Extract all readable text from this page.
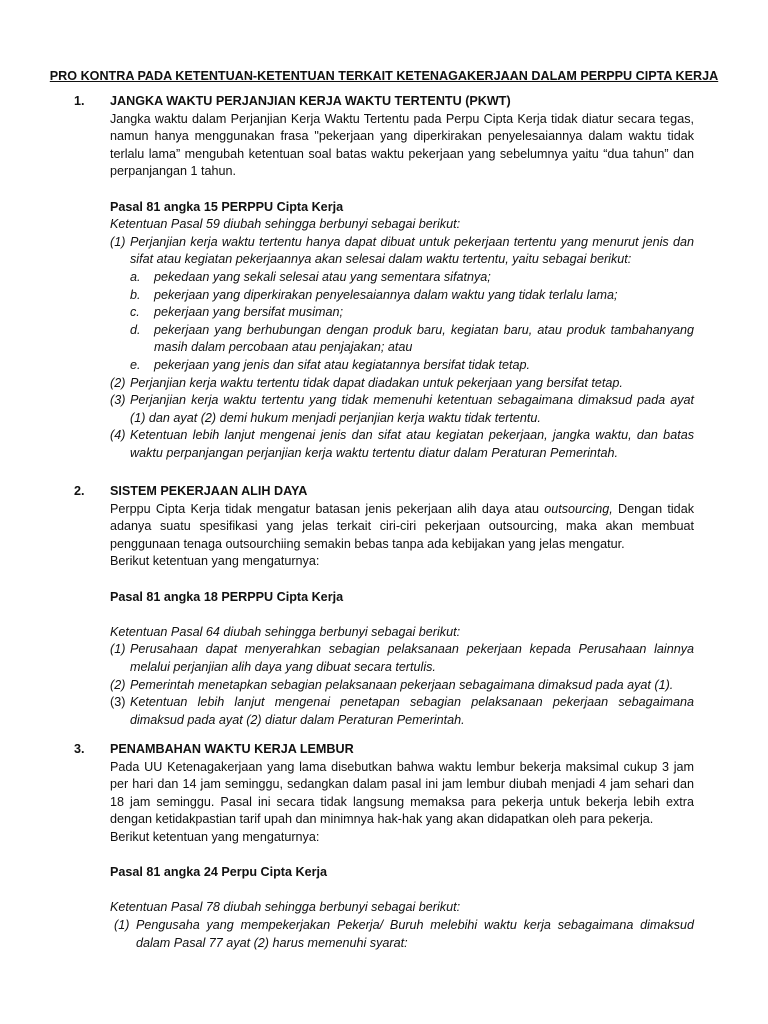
PRO KONTRA PADA KETENTUAN-KETENTUAN TERKAIT KETENAGAKERJAAN DALAM PERPPU CIPTA KERJA
1. JANGKA WAKTU PERJANJIAN KERJA WAKTU TERTENTU (PKWT)
Jangka waktu dalam Perjanjian Kerja Waktu Tertentu pada Perpu Cipta Kerja tidak diatur secara tegas, namun hanya menggunakan frasa "pekerjaan yang diperkirakan penyelesaiannya dalam waktu tidak terlalu lama” mengubah ketentuan soal batas waktu pekerjaan yang sebelumnya yaitu “dua tahun” dan perpanjangan 1 tahun.
Pasal 81 angka 15 PERPPU Cipta Kerja
Ketentuan Pasal 59 diubah sehingga berbunyi sebagai berikut:
(1) Perjanjian kerja waktu tertentu hanya dapat dibuat untuk pekerjaan tertentu yang menurut jenis dan sifat atau kegiatan pekerjaannya akan selesai dalam waktu tertentu, yaitu sebagai berikut:
a. pekedaan yang sekali selesai atau yang sementara sifatnya;
b. pekerjaan yang diperkirakan penyelesaiannya dalam waktu yang tidak terlalu lama;
c. pekerjaan yang bersifat musiman;
d. pekerjaan yang berhubungan dengan produk baru, kegiatan baru, atau produk tambahanyang masih dalam percobaan atau penjajakan; atau
e. pekerjaan yang jenis dan sifat atau kegiatannya bersifat tidak tetap.
(2) Perjanjian kerja waktu tertentu tidak dapat diadakan untuk pekerjaan yang bersifat tetap.
(3) Perjanjian kerja waktu tertentu yang tidak memenuhi ketentuan sebagaimana dimaksud pada ayat (1) dan ayat (2) demi hukum menjadi perjanjian kerja waktu tidak tertentu.
(4) Ketentuan lebih lanjut mengenai jenis dan sifat atau kegiatan pekerjaan, jangka waktu, dan batas waktu perpanjangan perjanjian kerja waktu tertentu diatur dalam Peraturan Pemerintah.
2. SISTEM PEKERJAAN ALIH DAYA
Perppu Cipta Kerja tidak mengatur batasan jenis pekerjaan alih daya atau outsourcing, Dengan tidak adanya suatu spesifikasi yang jelas terkait ciri-ciri pekerjaan outsourcing, maka akan membuat penggunaan tenaga outsourchiing semakin bebas tanpa ada kebijakan yang jelas mengatur.
Berikut ketentuan yang mengaturnya:
Pasal 81 angka 18 PERPPU Cipta Kerja
Ketentuan Pasal 64 diubah sehingga berbunyi sebagai berikut:
(1) Perusahaan dapat menyerahkan sebagian pelaksanaan pekerjaan kepada Perusahaan lainnya melalui perjanjian alih daya yang dibuat secara tertulis.
(2) Pemerintah menetapkan sebagian pelaksanaan pekerjaan sebagaimana dimaksud pada ayat (1).
(3) Ketentuan lebih lanjut mengenai penetapan sebagian pelaksanaan pekerjaan sebagaimana dimaksud pada ayat (2) diatur dalam Peraturan Pemerintah.
3. PENAMBAHAN WAKTU KERJA LEMBUR
Pada UU Ketenagakerjaan yang lama disebutkan bahwa waktu lembur bekerja maksimal cukup 3 jam per hari dan 14 jam seminggu, sedangkan dalam pasal ini jam lembur diubah menjadi 4 jam sehari dan 18 jam seminggu. Pasal ini secara tidak langsung memaksa para pekerja untuk bekerja lebih extra dengan ketidakpastian tarif upah dan minimnya hak-hak yang akan didapatkan oleh para pekerja.
Berikut ketentuan yang mengaturnya:
Pasal 81 angka 24 Perpu Cipta Kerja
Ketentuan Pasal 78 diubah sehingga berbunyi sebagai berikut:
(1) Pengusaha yang mempekerjakan Pekerja/ Buruh melebihi waktu kerja sebagaimana dimaksud dalam Pasal 77 ayat (2) harus memenuhi syarat:
